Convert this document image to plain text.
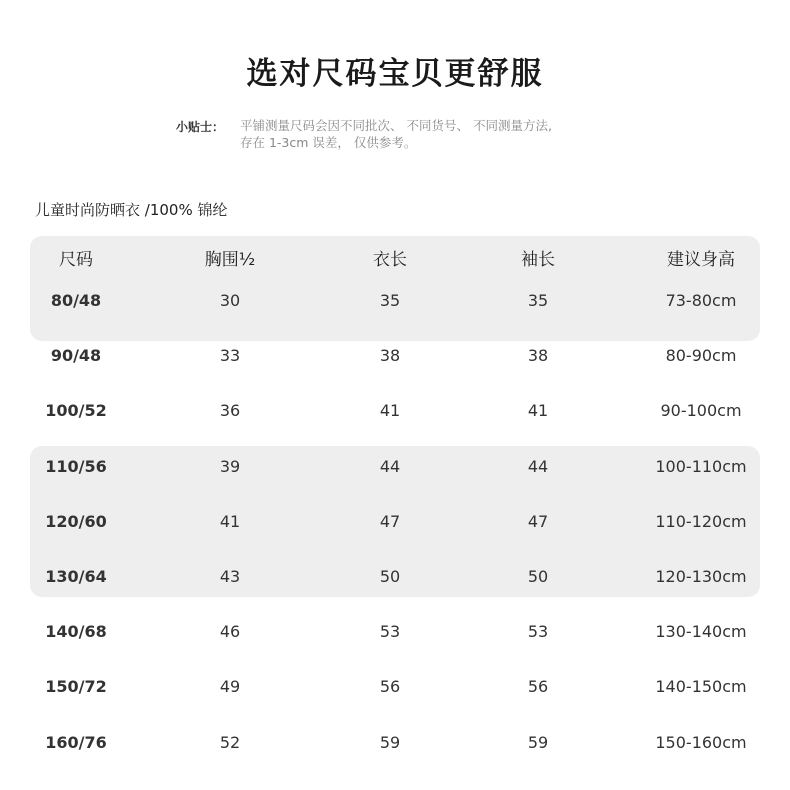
选对尺码宝贝更舒服
小贴士： 平铺测量尺码会因不同批次、 不同货号、 不同测量方法,
存在 1-3cm 误差， 仅供参考。
儿童时尚防晒衣 /100% 锦纶
尺码	胸围½	衣长	袖长	建议身高
80/48	30	35	35	73-80cm
90/48	33	38	38	80-90cm
100/52	36	41	41	90-100cm
110/56	39	44	44	100-110cm
120/60	41	47	47	110-120cm
130/64	43	50	50	120-130cm
140/68	46	53	53	130-140cm
150/72	49	56	56	140-150cm
160/76	52	59	59	150-160cm
